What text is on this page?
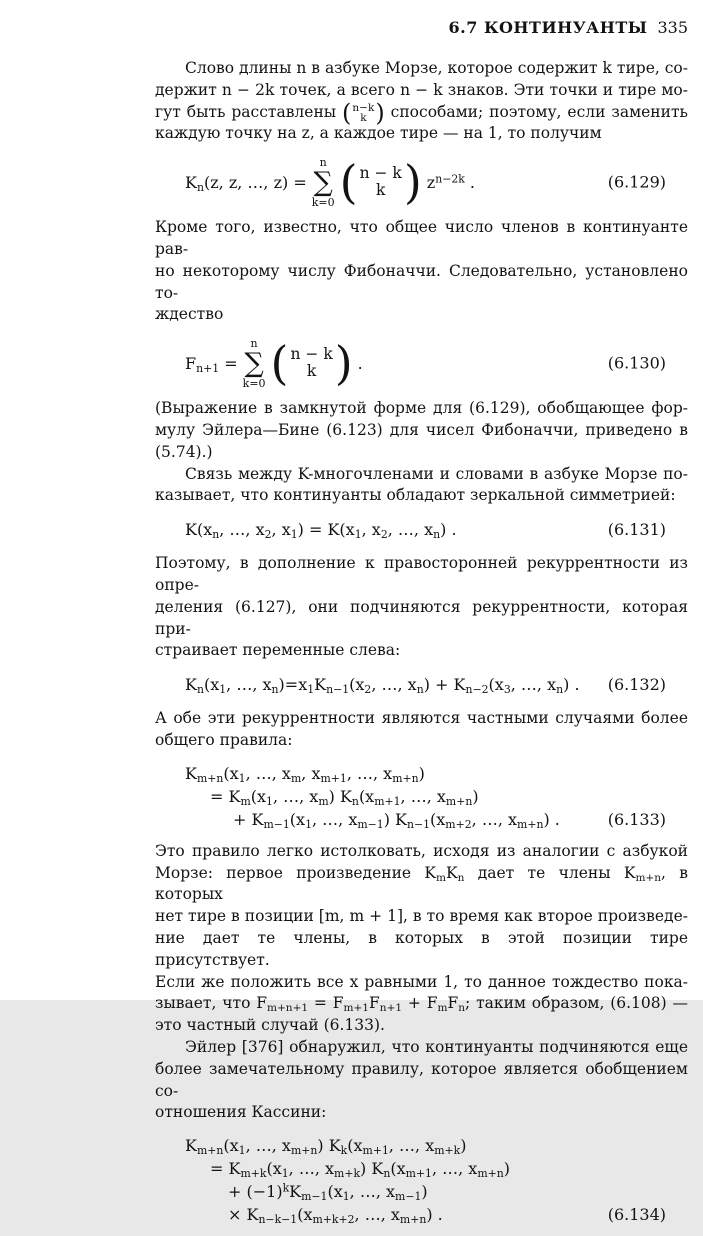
6.7 КОНТИНУАНТЫ 335
Слово длины n в азбуке Морзе, которое содержит k тире, со-
держит n − 2k точек, а всего n − k знаков. Эти точки и тире мо-
гут быть расставлены ( n−k
k ) способами; поэтому, если заменить
каждую точку на z, а каждое тире — на 1, то получим
$K_n(z$, z, …, z) =
n
∑
k=0 ( n − k
k ) $z^{n-2k}$ .	(6.129)
Кроме того, известно, что общее число членов в континуанте рав-
но некоторому числу Фибоначчи. Следовательно, установлено то-
ждество
$F_{n+1}$ =
n
∑
k=0 ( n − k
k ) .	(6.130)
(Выражение в замкнутой форме для (6.129), обобщающее фор-
мулу Эйлера—Бине (6.123) для чисел Фибоначчи, приведено в
(5.74).)
Связь между K-многочленами и словами в азбуке Морзе по-
казывает, что континуанты обладают зеркальной симметрией:
$K(x_n$, …, $x_2$, $x_1) = K(x_1$, $x_2$, …, $x_n$) .	(6.131)
Поэтому, в дополнение к правосторонней рекуррентности из опре-
деления (6.127), они подчиняются рекуррентности, которая при-
страивает переменные слева:
$K_n(x_1$, …, $x_n)=x_1K_{n-1}(x_2$, …, $x_n) + K_{n-2}(x_3$, …, $x_n$) . (6.132)
А обе эти рекуррентности являются частными случаями более
общего правила:
$K_{m+n}(x_1$, …, $x_m$, $x_{m+1}$, …, $x_{m+n}$)
= $K_m(x_1$, …, $x_m$) $K_n(x_{m+1}$, …, $x_{m+n}$)
+ $K_{m-1}(x_1$, …, $x_{m-1}$) $K_{n-1}(x_{m+2}$, …, $x_{m+n}$) .	(6.133)
Это правило легко истолковать, исходя из аналогии с азбукой
Морзе: первое произведение $K_mK_n$ дает те члены $K_{m+n}$, в которых
нет тире в позиции [m, m + 1], в то время как второе произведе-
ние дает те члены, в которых в этой позиции тире присутствует.
Если же положить все x равными 1, то данное тождество пока-
зывает, что $F_{m+n+1} = F_{m+1}F_{n+1} + F_mF_n$; таким образом, (6.108) —
это частный случай (6.133).
Эйлер [376] обнаружил, что континуанты подчиняются еще
более замечательному правилу, которое является обобщением со-
отношения Кассини:
$K_{m+n}(x_1$, …, $x_{m+n}$) $K_k(x_{m+1}$, …, $x_{m+k}$)
= $K_{m+k}(x_1$, …, $x_{m+k}$) $K_n(x_{m+1}$, …, $x_{m+n}$)
+ $(-1)^kK_{m-1}(x_1$, …, $x_{m-1}$)
× $K_{n-k-1}(x_{m+k+2}$, …, $x_{m+n}$) .	(6.134)
